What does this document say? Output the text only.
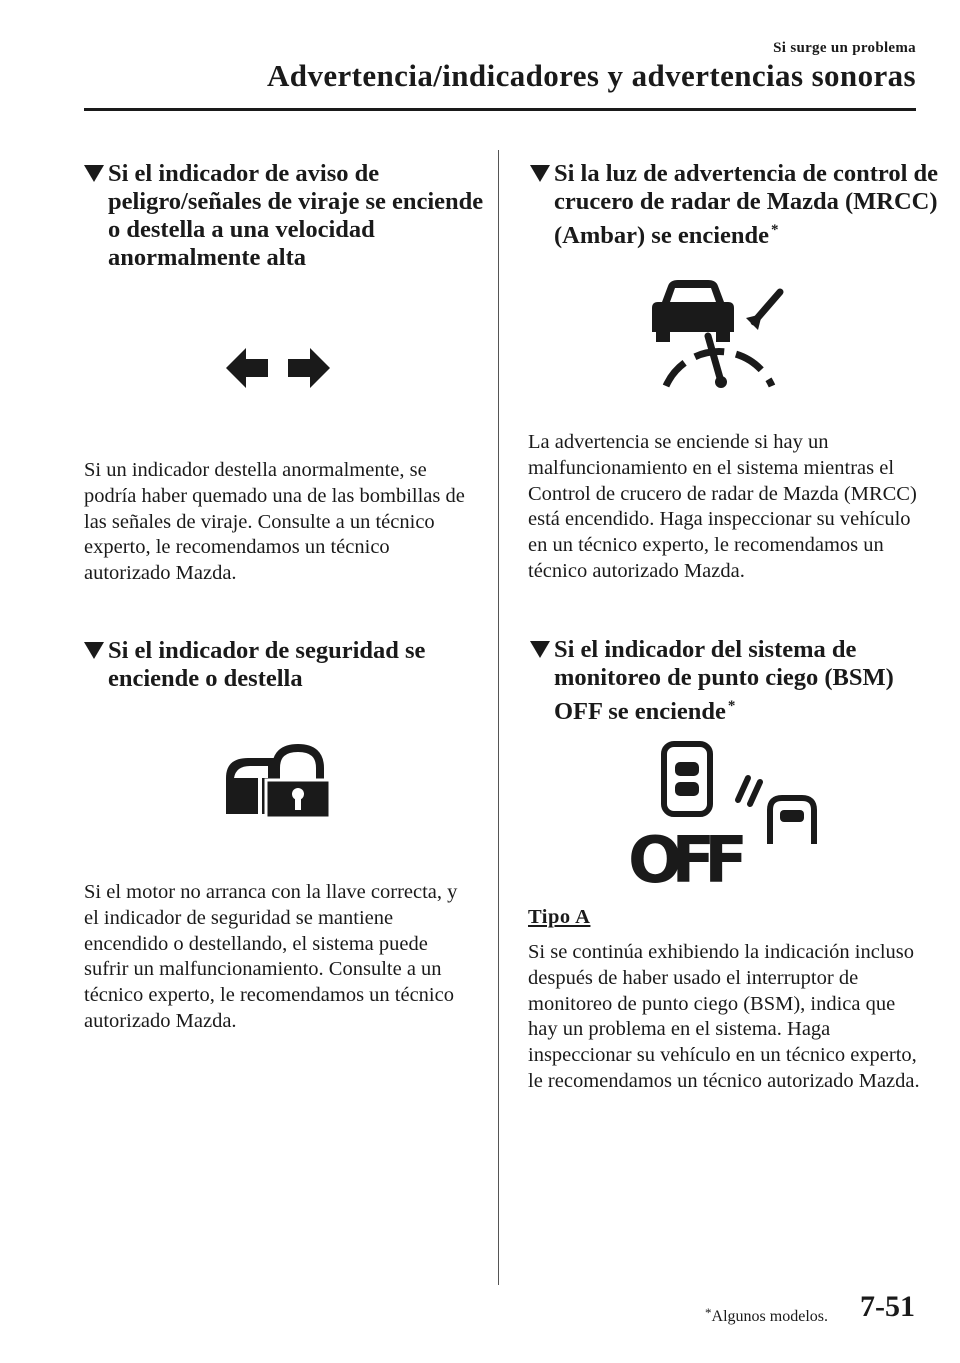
Si surge un problema
Advertencia/indicadores y advertencias sonoras
Si el indicador de aviso de peligro/señales de viraje se enciende o destella a una velocidad anormalmente alta
Si un indicador destella anormalmente, se podría haber quemado una de las bombillas de las señales de viraje. Consulte a un técnico experto, le recomendamos un técnico autorizado Mazda.
Si el indicador de seguridad se enciende o destella
Si el motor no arranca con la llave correcta, y el indicador de seguridad se mantiene encendido o destellando, el sistema puede sufrir un malfuncionamiento. Consulte a un técnico experto, le recomendamos un técnico autorizado Mazda.
Si la luz de advertencia de control de crucero de radar de Mazda (MRCC) (Ambar) se enciende *
La advertencia se enciende si hay un malfuncionamiento en el sistema mientras el Control de crucero de radar de Mazda (MRCC) está encendido. Haga inspeccionar su vehículo en un técnico experto, le recomendamos un técnico autorizado Mazda.
Si el indicador del sistema de monitoreo de punto ciego (BSM) OFF se enciende *
OFF
Tipo A
Si se continúa exhibiendo la indicación incluso después de haber usado el interruptor de monitoreo de punto ciego (BSM), indica que hay un problema en el sistema. Haga inspeccionar su vehículo en un técnico experto, le recomendamos un técnico autorizado Mazda.
*Algunos modelos. 7-51
